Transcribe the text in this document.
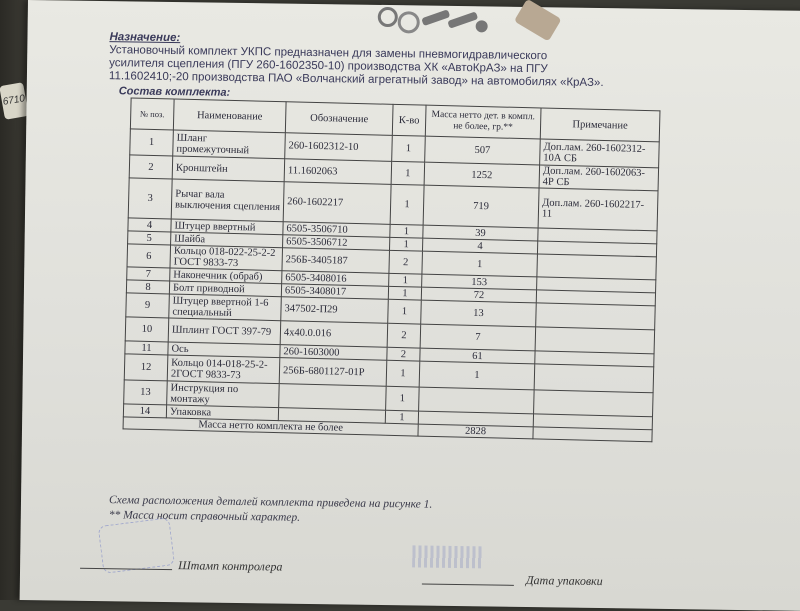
6710
Назначение:
Установочный комплект УКПС предназначен для замены пневмогидравлического
усилителя сцепления (ПГУ 260-1602350-10) производства ХК «АвтоКрАЗ» на ПГУ
11.1602410;-20 производства ПАО «Волчанский агрегатный завод» на автомобилях «КрАЗ».
Состав комплекта:
№ поз.	Наименование	Обозначение	К-во	Масса нетто дет. в компл. не более, гр.**	Примечание
1	Шланг промежуточный	260-1602312-10	1	507	Доп.лам. 260-1602312-10А СБ
2	Кронштейн	11.1602063	1	1252	Доп.лам. 260-1602063-4Р СБ
3	Рычаг вала выключения сцепления	260-1602217	1	719	Доп.лам. 260-1602217-11
4	Штуцер ввертный	6505-3506710	1	39	
5	Шайба	6505-3506712	1	4	
6	Кольцо 018-022-25-2-2 ГОСТ 9833-73	256Б-3405187	2	1	
7	Наконечник (обраб)	6505-3408016	1	153	
8	Болт приводной	6505-3408017	1	72	
9	Штуцер ввертной 1-6 специальный	347502-П29	1	13	
10	Шплинт ГОСТ 397-79	4х40.0.016	2	7	
11	Ось	260-1603000	2	61	
12	Кольцо 014-018-25-2-2ГОСТ 9833-73	256Б-6801127-01Р	1	1	
13	Инструкция по монтажу		1		
14	Упаковка		1		
Масса нетто комплекта не более				2828	
Схема расположения деталей комплекта приведена на рисунке 1.
** Масса носит справочный характер.
Штамп контролера
Дата упаковки
